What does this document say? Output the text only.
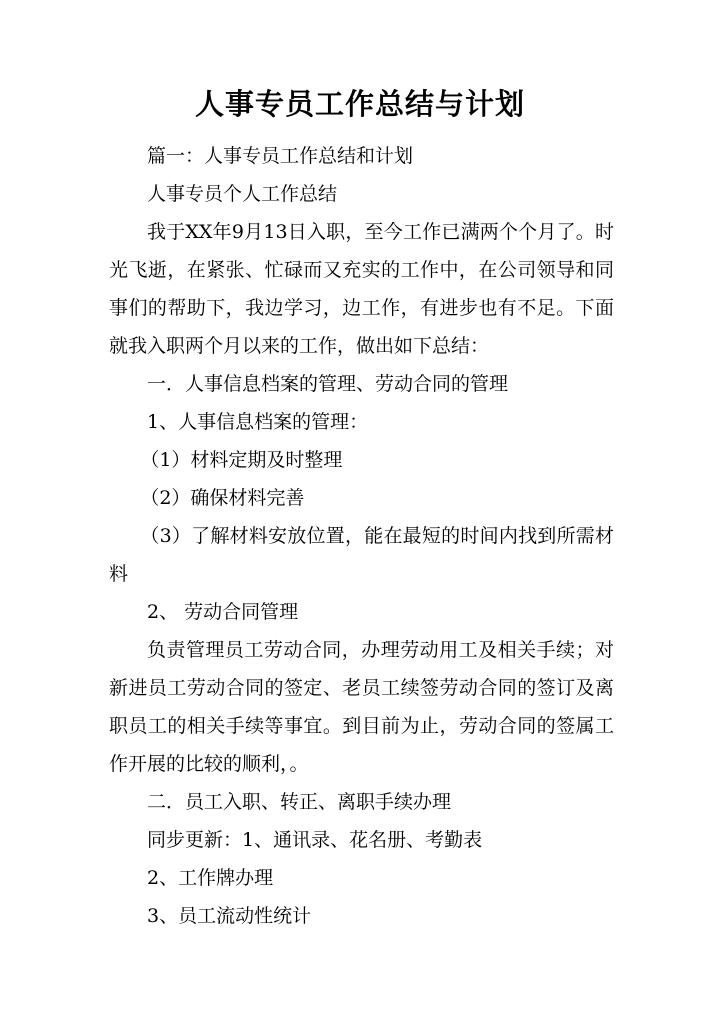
人事专员工作总结与计划

篇一：人事专员工作总结和计划

人事专员个人工作总结

我于XX年9月13日入职，至今工作已满两个个月了。时光飞逝，在紧张、忙碌而又充实的工作中，在公司领导和同事们的帮助下，我边学习，边工作，有进步也有不足。下面就我入职两个月以来的工作，做出如下总结：

一．人事信息档案的管理、劳动合同的管理

1、人事信息档案的管理：

（1）材料定期及时整理

（2）确保材料完善

（3）了解材料安放位置，能在最短的时间内找到所需材料

2、 劳动合同管理

负责管理员工劳动合同，办理劳动用工及相关手续；对新进员工劳动合同的签定、老员工续签劳动合同的签订及离职员工的相关手续等事宜。到目前为止，劳动合同的签属工作开展的比较的顺利，。

二．员工入职、转正、离职手续办理

同步更新：1、通讯录、花名册、考勤表

2、工作牌办理

3、员工流动性统计
